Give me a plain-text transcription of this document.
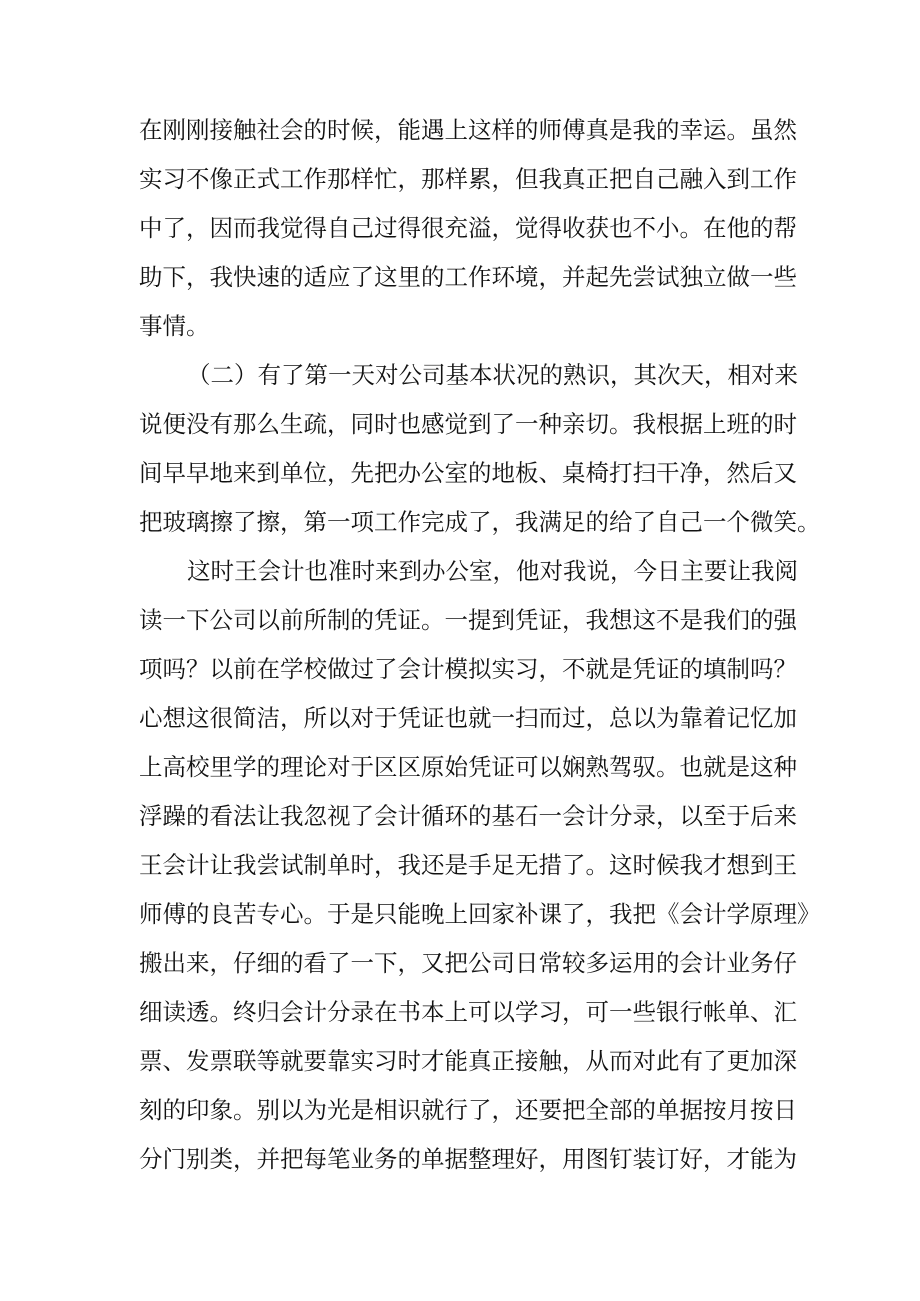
在刚刚接触社会的时候，能遇上这样的师傅真是我的幸运。虽然
实习不像正式工作那样忙，那样累，但我真正把自己融入到工作
中了，因而我觉得自己过得很充溢，觉得收获也不小。在他的帮
助下，我快速的适应了这里的工作环境，并起先尝试独立做一些
事情。
（二）有了第一天对公司基本状况的熟识，其次天，相对来
说便没有那么生疏，同时也感觉到了一种亲切。我根据上班的时
间早早地来到单位，先把办公室的地板、桌椅打扫干净，然后又
把玻璃擦了擦，第一项工作完成了，我满足的给了自己一个微笑。
这时王会计也准时来到办公室，他对我说，今日主要让我阅
读一下公司以前所制的凭证。一提到凭证，我想这不是我们的强
项吗？以前在学校做过了会计模拟实习，不就是凭证的填制吗？
心想这很简洁，所以对于凭证也就一扫而过，总以为靠着记忆加
上高校里学的理论对于区区原始凭证可以娴熟驾驭。也就是这种
浮躁的看法让我忽视了会计循环的基石一会计分录，以至于后来
王会计让我尝试制单时，我还是手足无措了。这时候我才想到王
师傅的良苦专心。于是只能晚上回家补课了，我把《会计学原理》
搬出来，仔细的看了一下，又把公司日常较多运用的会计业务仔
细读透。终归会计分录在书本上可以学习，可一些银行帐单、汇
票、发票联等就要靠实习时才能真正接触，从而对此有了更加深
刻的印象。别以为光是相识就行了，还要把全部的单据按月按日
分门别类，并把每笔业务的单据整理好，用图钉装订好，才能为
